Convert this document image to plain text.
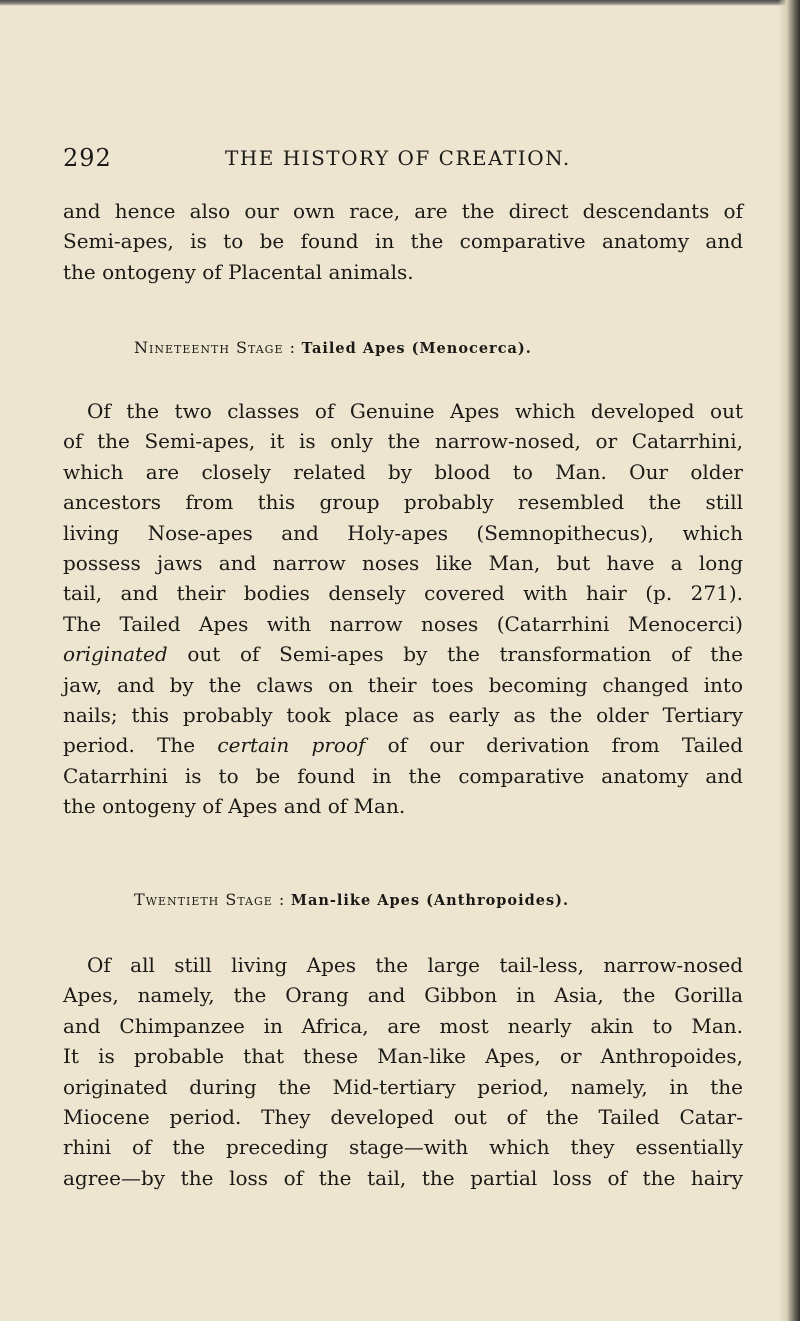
292	THE HISTORY OF CREATION.
and hence also our own race, are the direct descendants of
Semi-apes, is to be found in the comparative anatomy and
the ontogeny of Placental animals.
Nineteenth Stage : Tailed Apes (Menocerca).
Of the two classes of Genuine Apes which developed out
of the Semi-apes, it is only the narrow-nosed, or Catarrhini,
which are closely related by blood to Man. Our older
ancestors from this group probably resembled the still
living Nose-apes and Holy-apes (Semnopithecus), which
possess jaws and narrow noses like Man, but have a long
tail, and their bodies densely covered with hair (p. 271).
The Tailed Apes with narrow noses (Catarrhini Menocerci)
originated out of Semi-apes by the transformation of the
jaw, and by the claws on their toes becoming changed into
nails; this probably took place as early as the older Tertiary
period. The certain proof of our derivation from Tailed
Catarrhini is to be found in the comparative anatomy and
the ontogeny of Apes and of Man.
Twentieth Stage : Man-like Apes (Anthropoides).
Of all still living Apes the large tail-less, narrow-nosed
Apes, namely, the Orang and Gibbon in Asia, the Gorilla
and Chimpanzee in Africa, are most nearly akin to Man.
It is probable that these Man-like Apes, or Anthropoides,
originated during the Mid-tertiary period, namely, in the
Miocene period. They developed out of the Tailed Catar-
rhini of the preceding stage—with which they essentially
agree—by the loss of the tail, the partial loss of the hairy
